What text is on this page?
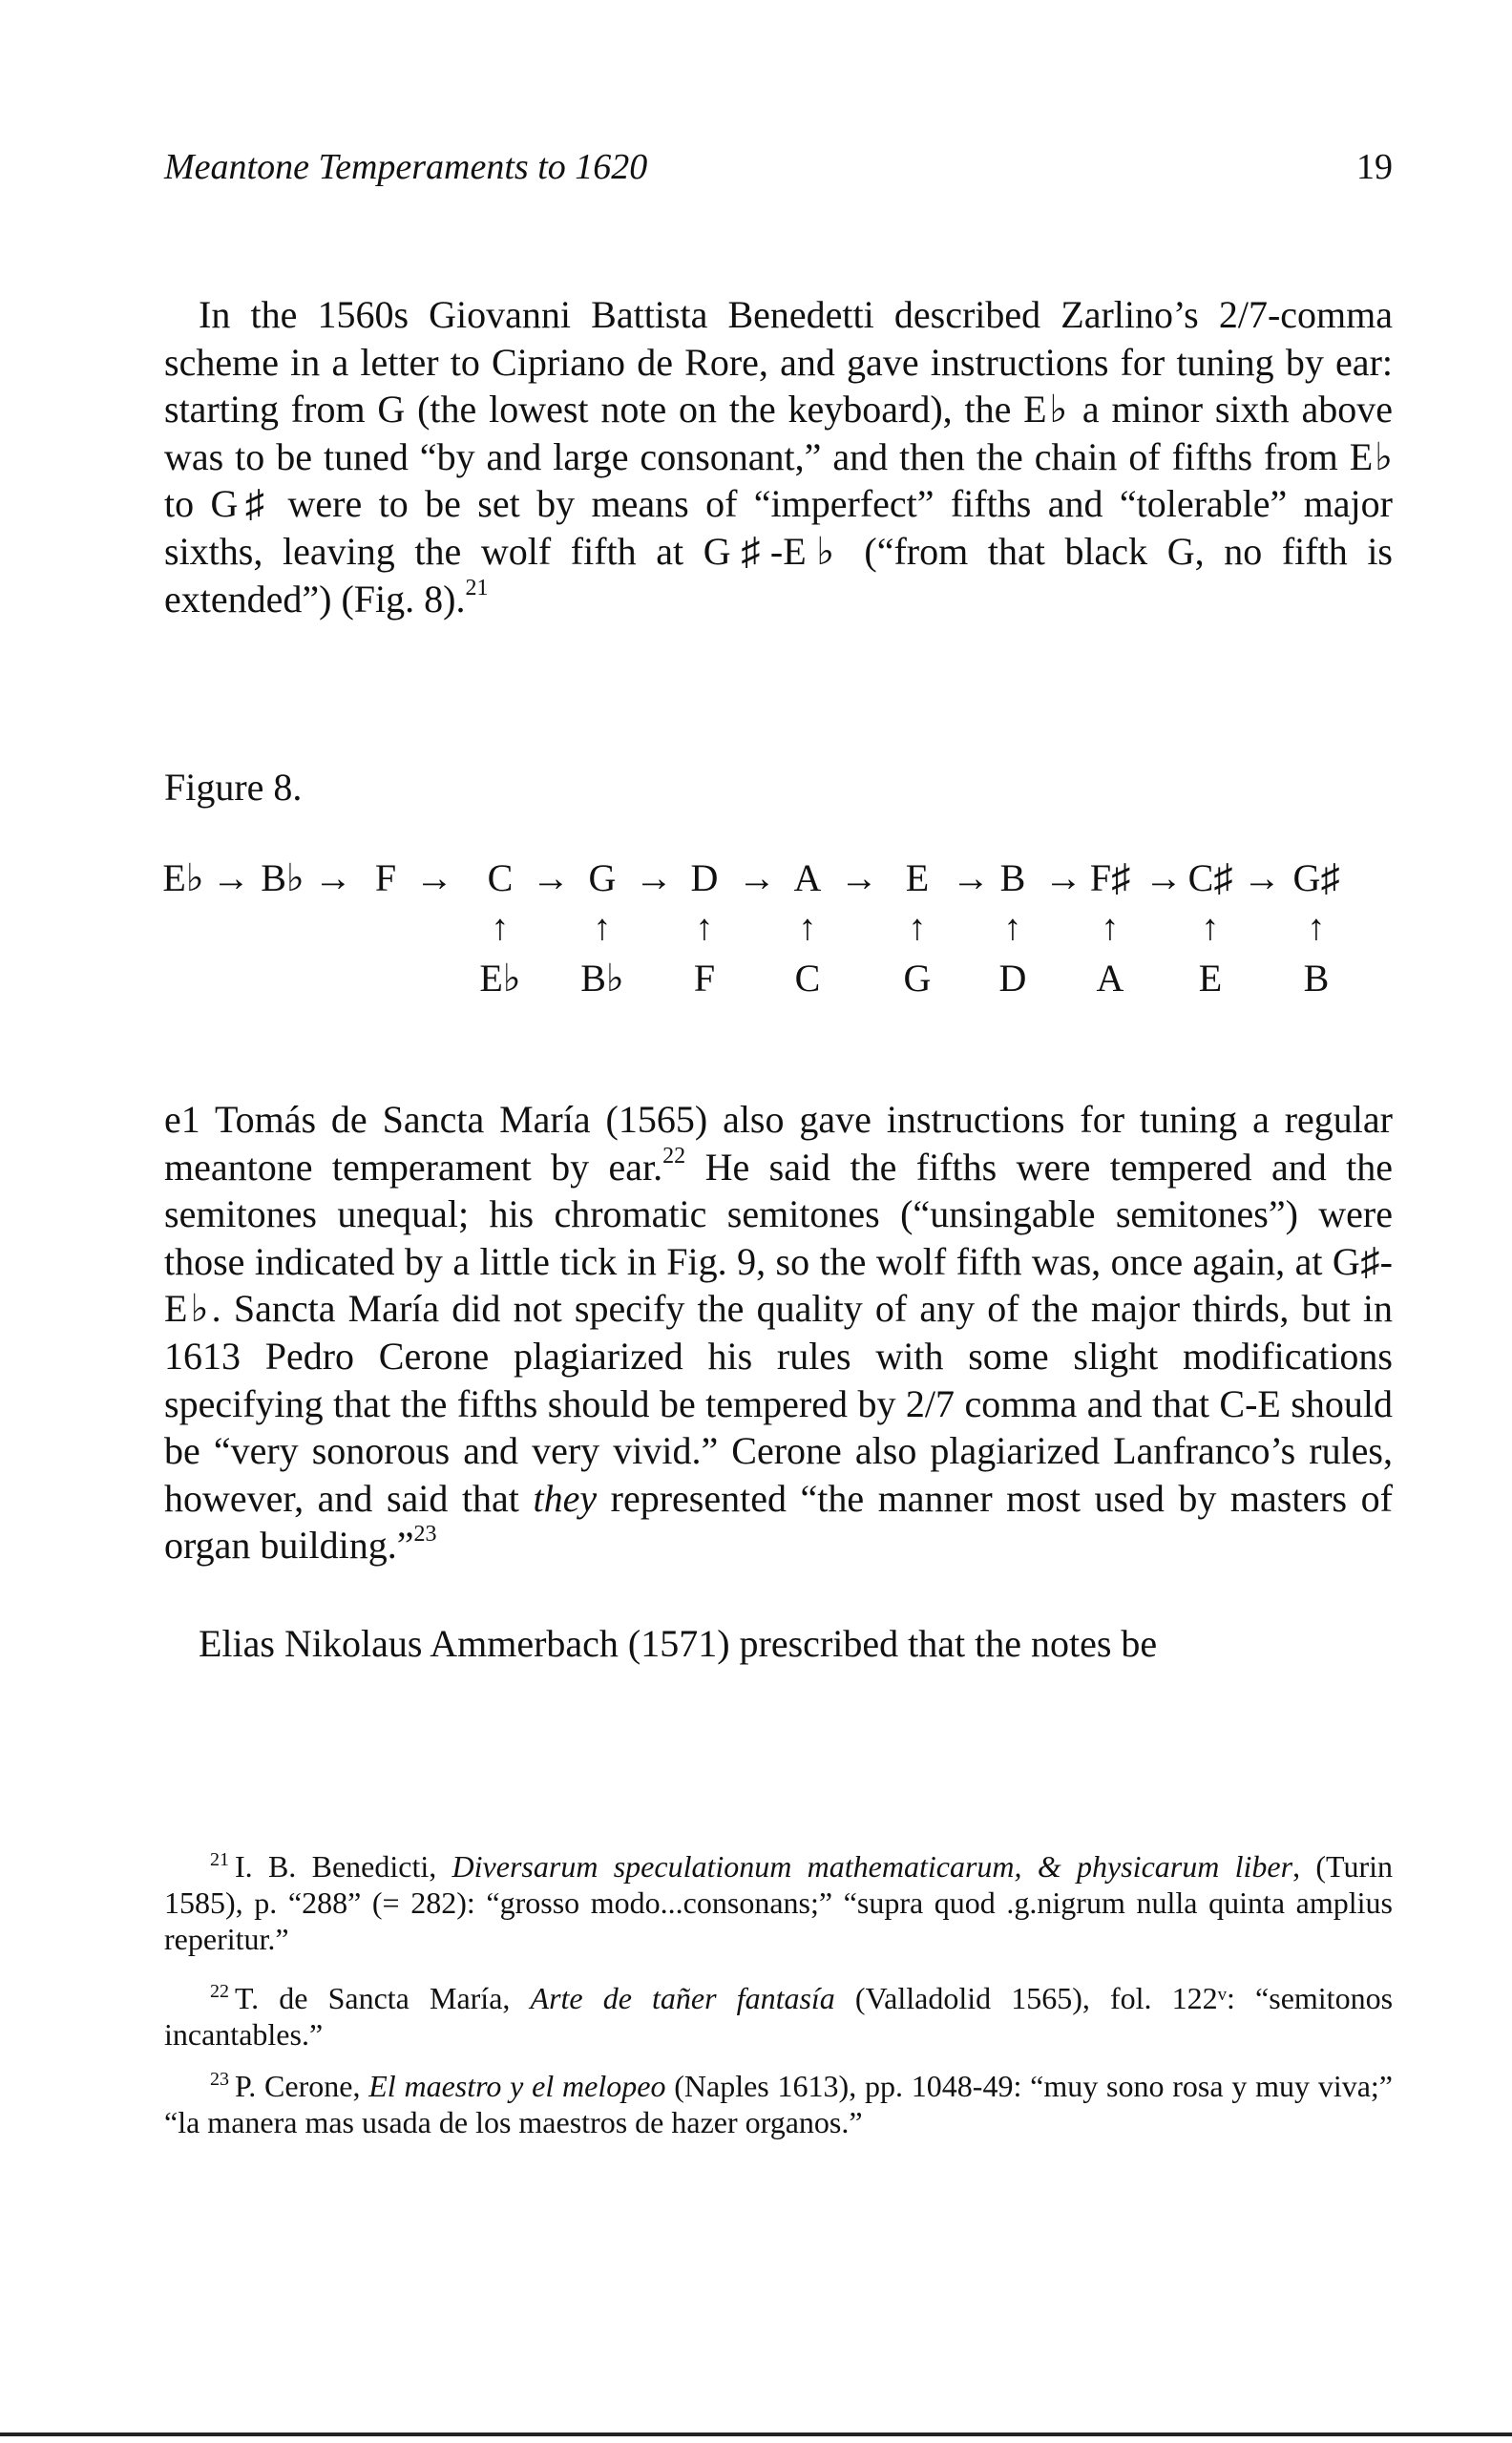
Meantone Temperaments to 1620	19
In the 1560s Giovanni Battista Benedetti described Zarlino’s 2/7-comma scheme in a letter to Cipriano de Rore, and gave instructions for tuning by ear: starting from G (the lowest note on the keyboard), the E♭ a minor sixth above was to be tuned “by and large consonant,” and then the chain of fifths from E♭ to G♯ were to be set by means of “imperfect” fifths and “tolerable” major sixths, leaving the wolf fifth at G♯-E♭ (“from that black G, no fifth is extended”) (Fig. 8).$^{21}$
Figure 8.
E♭ → B♭ → F → C → G → D → A → E → B → F♯ → C♯ → G♯
↑ ↑ ↑ ↑	↑ ↑ ↑ ↑ ↑
E♭ B♭ F C G D A E B
e1 Tomás de Sancta María (1565) also gave instructions for tuning a regular meantone temperament by ear.$^{22}$ He said the fifths were tempered and the semitones unequal; his chromatic semitones (“unsingable semitones”) were those indicated by a little tick in Fig. 9, so the wolf fifth was, once again, at G♯-E♭. Sancta María did not specify the quality of any of the major thirds, but in 1613 Pedro Cerone plagiarized his rules with some slight modifications specifying that the fifths should be tempered by 2/7 comma and that C-E should be “very sonorous and very vivid.” Cerone also plagiarized Lanfranco’s rules, however, and said that they represented “the manner most used by masters of organ building.”$^{23}$
Elias Nikolaus Ammerbach (1571) prescribed that the notes be
$^{21}$ I. B. Benedicti, Diversarum speculationum mathematicarum, & physicarum liber, (Turin 1585), p. “288” (= 282): “grosso modo...consonans;” “supra quod .g.nigrum nulla quinta amplius reperitur.”
$^{22}$ T. de Sancta María, Arte de tañer fantasía (Valladolid 1565), fol. 122ᵛ: “semitonos incantables.”
$^{23}$ P. Cerone, El maestro y el melopeo (Naples 1613), pp. 1048-49: “muy sono rosa y muy viva;” “la manera mas usada de los maestros de hazer organos.”
